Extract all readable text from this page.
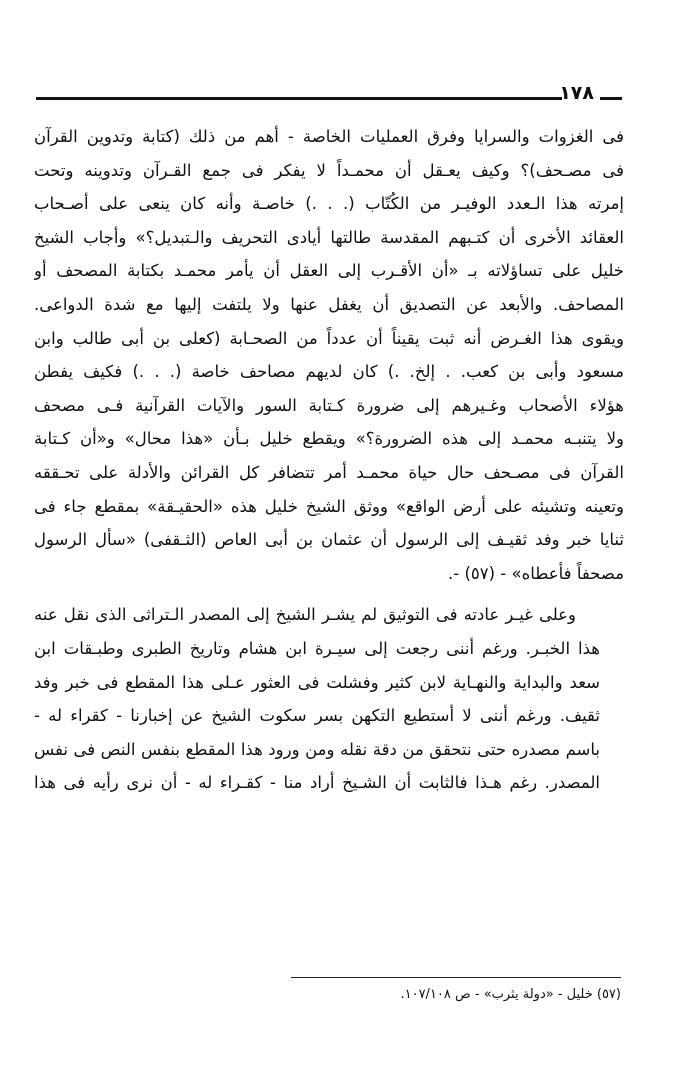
١٧٨

فى الغزوات والسرايا وفرق العمليات الخاصة - أهم من ذلك (كتابة وتدوين القرآن
فى مصـحف)؟ وكيف يعـقل أن محمـداً لا يفكر فى جمع القـرآن وتدوينه وتحت
إمرته هذا الـعدد الوفيـر من الكُتّاب (. . .) خاصـة وأنه كان ينعى على أصـحاب
العقائد الأخرى أن كتـبهم المقدسة طالتها أيادى التحريف والـتبديل؟» وأجاب الشيخ
خليل على تساؤلاته بـ «أن الأقـرب إلى العقل أن يأمر محمـد بكتابة المصحف أو
المصاحف. والأبعد عن التصديق أن يغفل عنها ولا يلتفت إليها مع شدة الدواعى.
ويقوى هذا الغـرض أنه ثبت يقيناً أن عدداً من الصحـابة (كعلى بن أبى طالب وابن
مسعود وأبى بن كعب. . إلخ. .) كان لديهم مصاحف خاصة (. . .) فكيف يفطن
هؤلاء الأصحاب وغـيرهم إلى ضرورة كـتابة السور والآيات القرآنية فـى مصحف
ولا يتنبـه محمـد إلى هذه الضرورة؟» ويقطع خليل بـأن «هذا محال» و«أن كـتابة
القرآن فى مصـحف حال حياة محمـد أمر تتضافر كل القرائن والأدلة على تحـققه
وتعينه وتشيئه على أرض الواقع» ووثق الشيخ خليل هذه «الحقيـقة» بمقطع جاء فى
ثنايا خبر وفد ثقيـف إلى الرسول أن عثمان بن أبى العاص (الثـقفى) «سأل الرسول
مصحفاً فأعطاه» - (٥٧) -.

وعلى غيـر عادته فى التوثيق لم يشـر الشيخ إلى المصدر الـتراثى الذى نقل عنه
هذا الخبـر. ورغم أننى رجعت إلى سيـرة ابن هشام وتاريخ الطبرى وطبـقات ابن
سعد والبداية والنهـاية لابن كثير وفشلت فى العثور عـلى هذا المقطع فى خبر وفد
ثقيف. ورغم أننى لا أستطيع التكهن بسر سكوت الشيخ عن إخبارنا - كقراء له -
باسم مصدره حتى نتحقق من دقة نقله ومن ورود هذا المقطع بنفس النص فى نفس
المصدر. رغم هـذا فالثابت أن الشـيخ أراد منا - كقـراء له - أن نرى رأيه فى هذا

(٥٧) خليل - «دولة يثرب» - ص ١٠٧/١٠٨.
